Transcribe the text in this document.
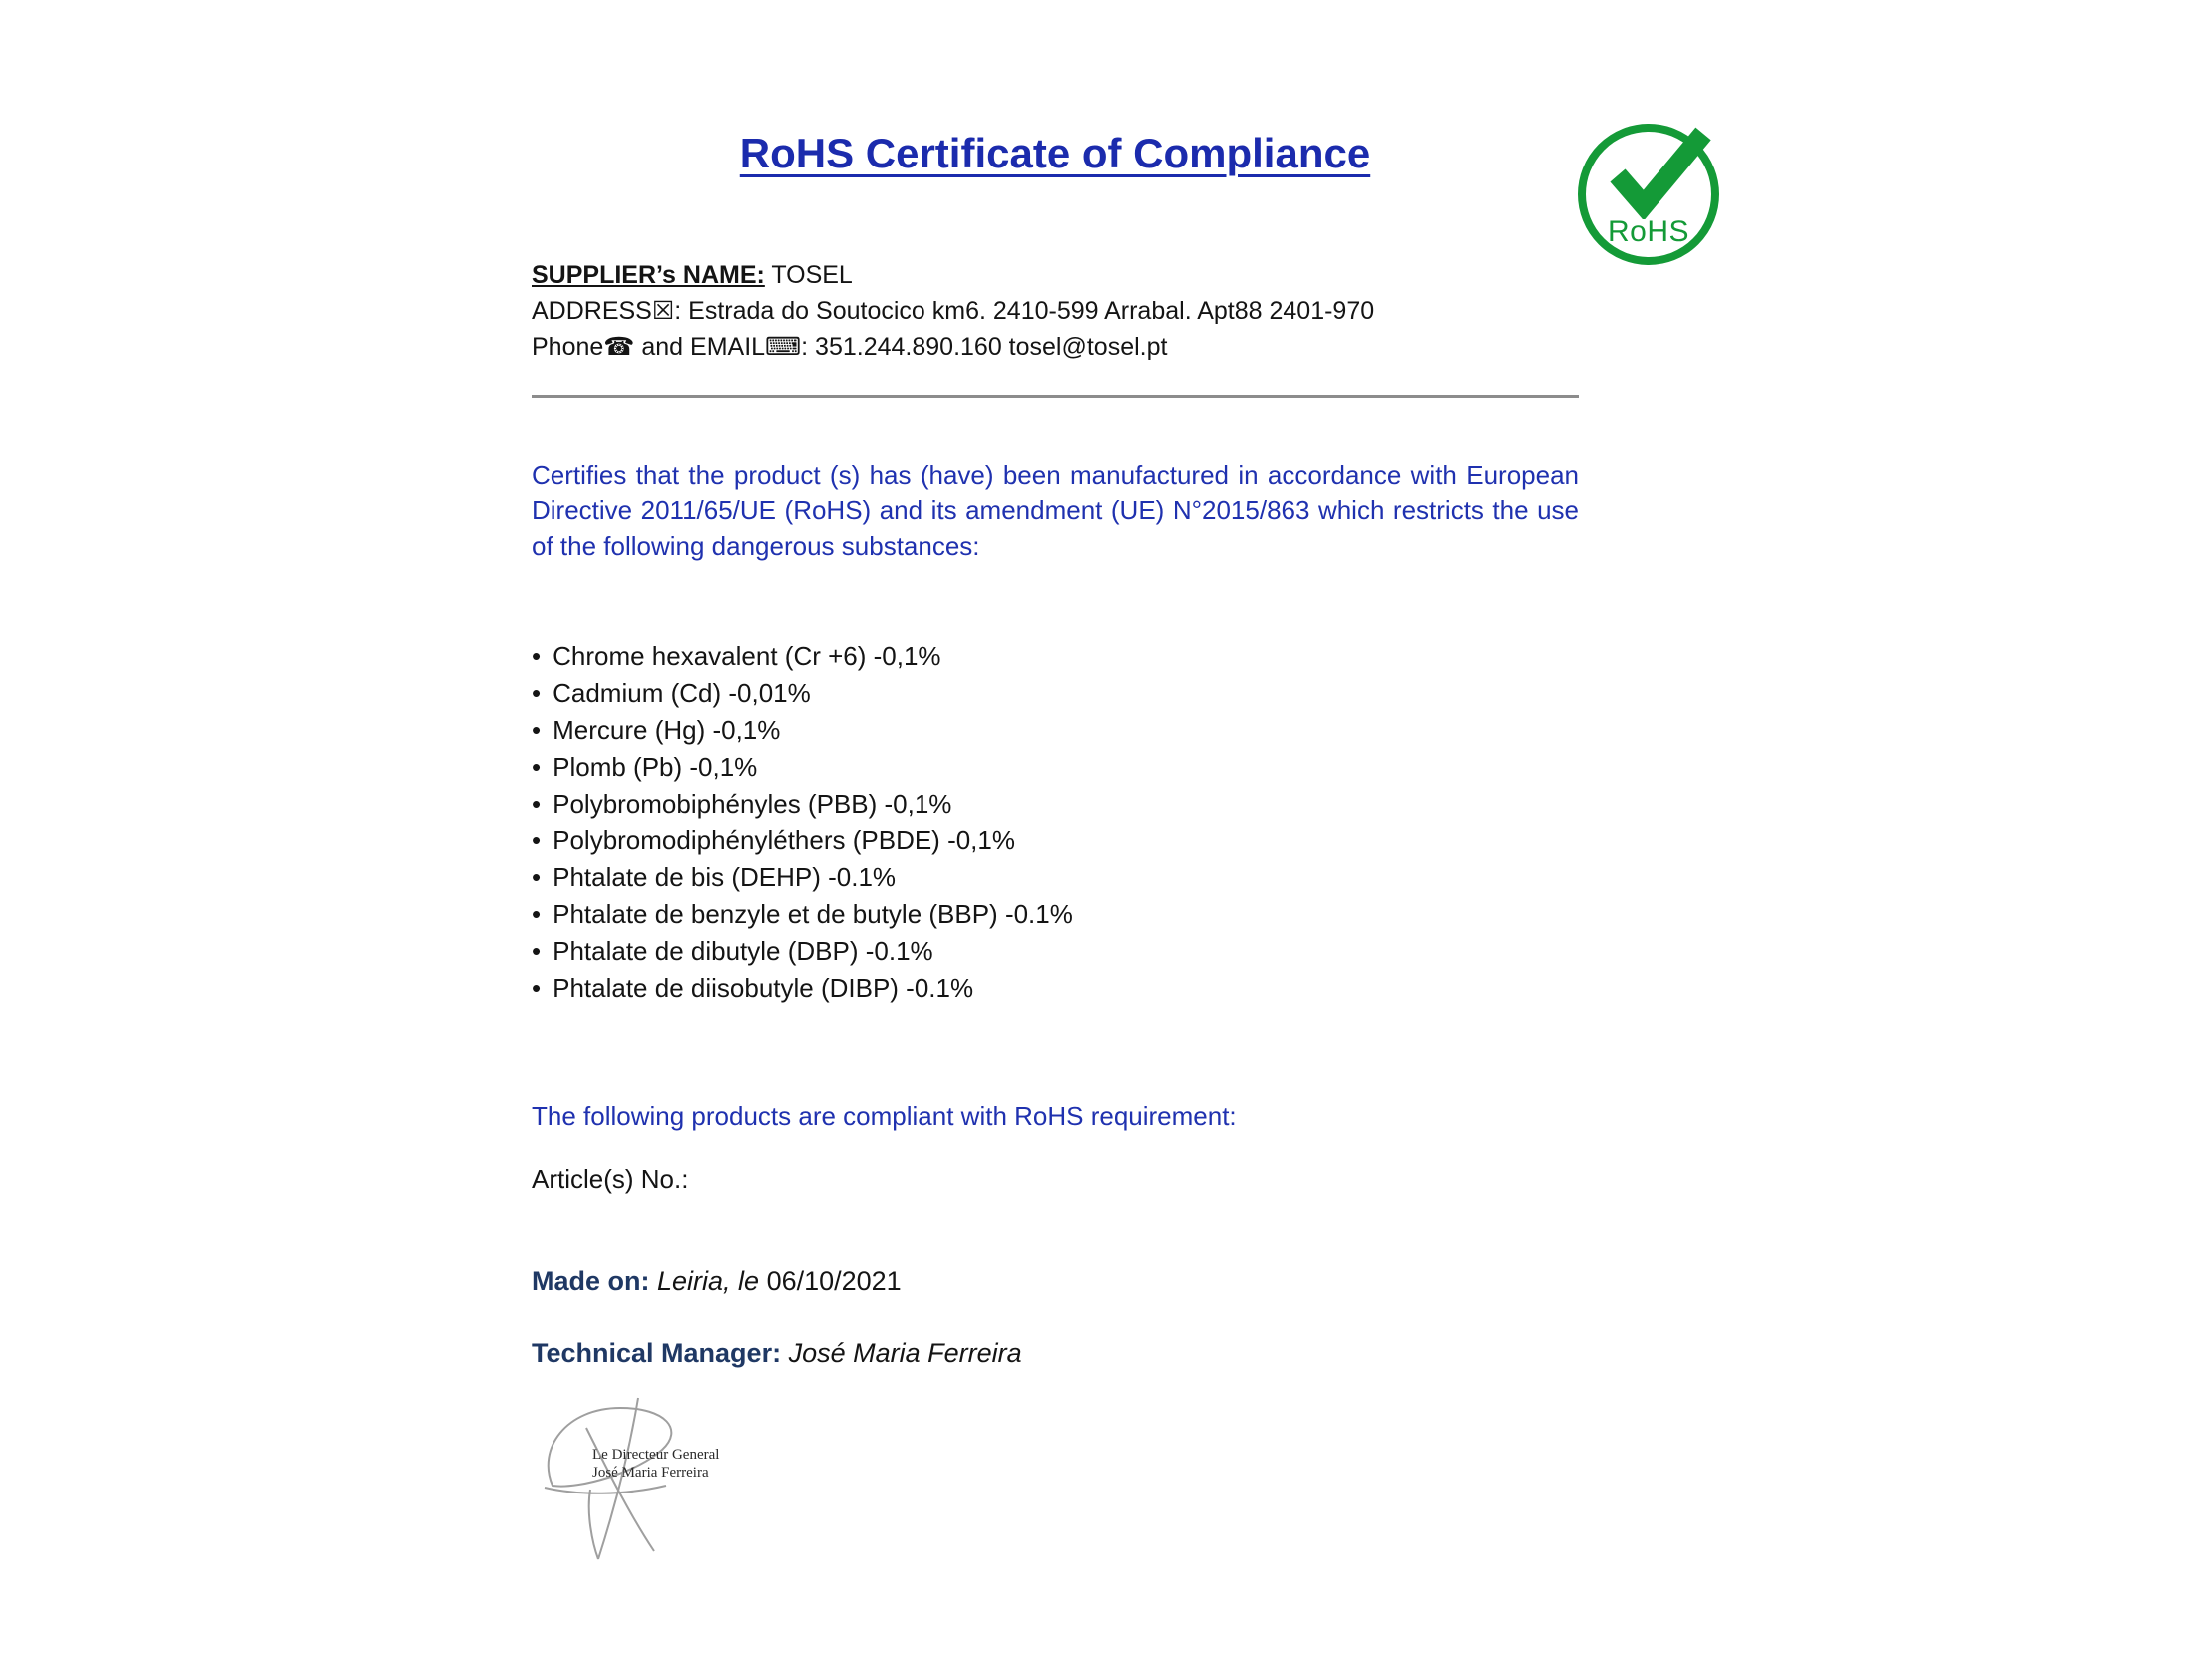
RoHS Certificate of Compliance
RoHS
SUPPLIER’s NAME: TOSEL
ADDRESS☒: Estrada do Soutocico km6. 2410-599 Arrabal. Apt88 2401-970
Phone☎ and EMAIL⌨: 351.244.890.160 tosel@tosel.pt
Certifies that the product (s) has (have) been manufactured in accordance with European Directive 2011/65/UE (RoHS) and its amendment (UE) N°2015/863 which restricts the use of the following dangerous substances:
• Chrome hexavalent (Cr +6) -0,1%
• Cadmium (Cd) -0,01%
• Mercure (Hg) -0,1%
• Plomb (Pb) -0,1%
• Polybromobiphényles (PBB) -0,1%
• Polybromodiphényléthers (PBDE) -0,1%
• Phtalate de bis (DEHP) -0.1%
• Phtalate de benzyle et de butyle (BBP) -0.1%
• Phtalate de dibutyle (DBP) -0.1%
• Phtalate de diisobutyle (DIBP) -0.1%
The following products are compliant with RoHS requirement:
Article(s) No.:
Made on: Leiria, le 06/10/2021
Technical Manager: José Maria Ferreira
Le Directeur General
José Maria Ferreira
